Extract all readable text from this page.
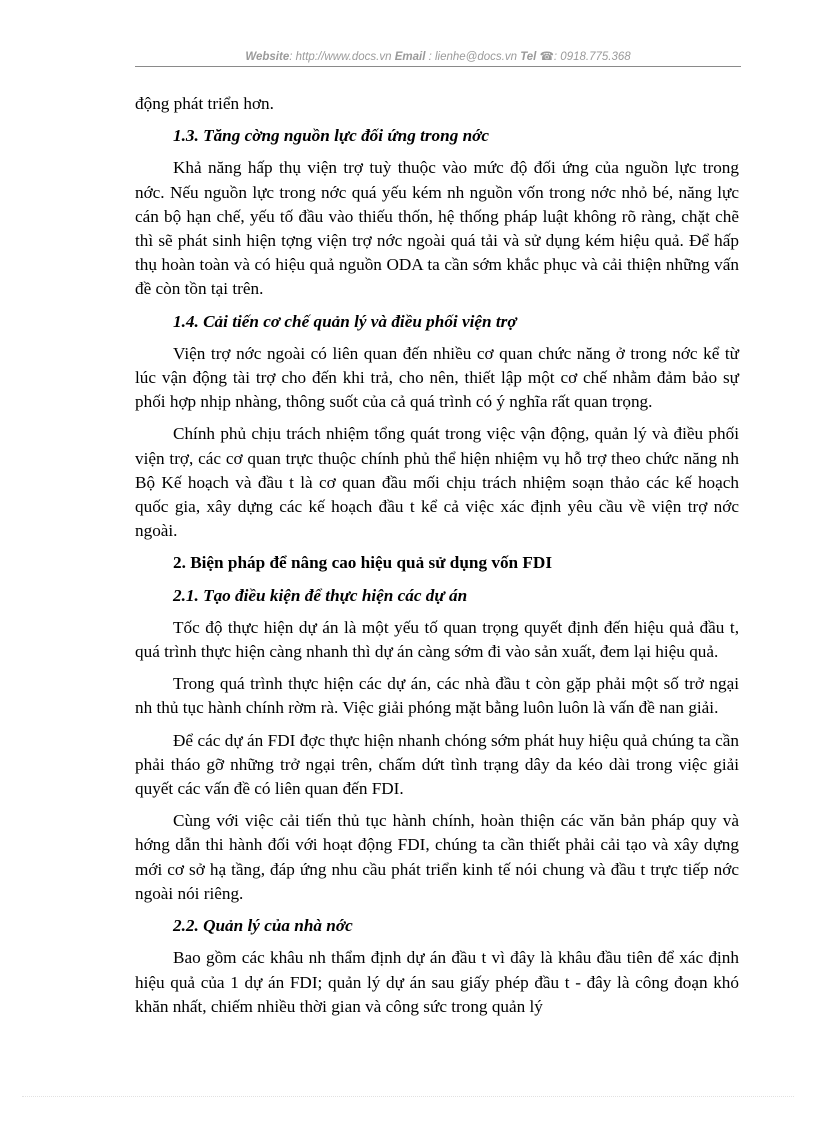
Website: http://www.docs.vn Email : lienhe@docs.vn Tel ☎: 0918.775.368

động phát triển hơn.

1.3. Tăng cờng nguồn lực đối ứng trong nớc

Khả năng hấp thụ viện trợ tuỳ thuộc vào mức độ đối ứng của nguồn lực trong nớc. Nếu nguồn lực trong nớc quá yếu kém nh nguồn vốn trong nớc nhỏ bé, năng lực cán bộ hạn chế, yếu tố đầu vào thiếu thốn, hệ thống pháp luật không rõ ràng, chặt chẽ thì sẽ phát sinh hiện tợng viện trợ nớc ngoài quá tải và sử dụng kém hiệu quả. Để hấp thụ hoàn toàn và có hiệu quả nguồn ODA ta cần sớm khắc phục và cải thiện những vấn đề còn tồn tại trên.

1.4. Cải tiến cơ chế quản lý và điều phối viện trợ

Viện trợ nớc ngoài có liên quan đến nhiều cơ quan chức năng ở trong nớc kể từ lúc vận động tài trợ cho đến khi trả, cho nên, thiết lập một cơ chế nhằm đảm bảo sự phối hợp nhịp nhàng, thông suốt của cả quá trình có ý nghĩa rất quan trọng.

Chính phủ chịu trách nhiệm tổng quát trong việc vận động, quản lý và điều phối viện trợ, các cơ quan trực thuộc chính phủ thể hiện nhiệm vụ hỗ trợ theo chức năng nh Bộ Kế hoạch và đầu t là cơ quan đầu mối chịu trách nhiệm soạn thảo các kế hoạch quốc gia, xây dựng các kế hoạch đầu t kể cả việc xác định yêu cầu về viện trợ nớc ngoài.

2. Biện pháp để nâng cao hiệu quả sử dụng vốn FDI
2.1. Tạo điều kiện để thực hiện các dự án

Tốc độ thực hiện dự án là một yếu tố quan trọng quyết định đến hiệu quả đầu t, quá trình thực hiện càng nhanh thì dự án càng sớm đi vào sản xuất, đem lại hiệu quả.

Trong quá trình thực hiện các dự án, các nhà đầu t còn gặp phải một số trở ngại nh thủ tục hành chính rờm rà. Việc giải phóng mặt bằng luôn luôn là vấn đề nan giải.

Để các dự án FDI đợc thực hiện nhanh chóng sớm phát huy hiệu quả chúng ta cần phải tháo gỡ những trở ngại trên, chấm dứt tình trạng dây da kéo dài trong việc giải quyết các vấn đề có liên quan đến FDI.

Cùng với việc cải tiến thủ tục hành chính, hoàn thiện các văn bản pháp quy và hớng dẫn thi hành đối với hoạt động FDI, chúng ta cần thiết phải cải tạo và xây dựng mới cơ sở hạ tầng, đáp ứng nhu cầu phát triển kinh tế nói chung và đầu t trực tiếp nớc ngoài nói riêng.

2.2. Quản lý của nhà nớc

Bao gồm các khâu nh thẩm định dự án đầu t vì đây là khâu đầu tiên để xác định hiệu quả của 1 dự án FDI; quản lý dự án sau giấy phép đầu t - đây là công đoạn khó khăn nhất, chiếm nhiều thời gian và công sức trong quản lý
